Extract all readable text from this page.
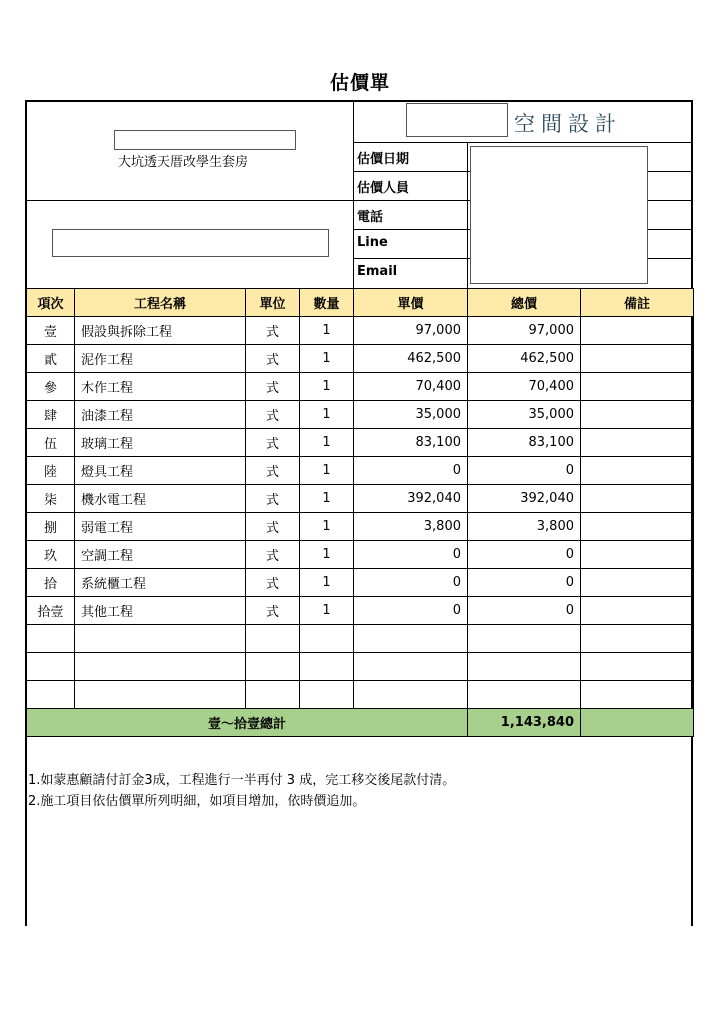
估價單
大坑透天厝改學生套房
空間設計
估價日期
估價人員
電話
Line
Email
項次	工程名稱	單位	數量	單價	總價	備註
壹	假設與拆除工程	式	1	97,000	97,000	
貳	泥作工程	式	1	462,500	462,500	
參	木作工程	式	1	70,400	70,400	
肆	油漆工程	式	1	35,000	35,000	
伍	玻璃工程	式	1	83,100	83,100	
陸	燈具工程	式	1	0	0	
柒	機水電工程	式	1	392,040	392,040	
捌	弱電工程	式	1	3,800	3,800	
玖	空調工程	式	1	0	0	
拾	系統櫃工程	式	1	0	0	
拾壹	其他工程	式	1	0	0	

壹～拾壹總計					1,143,840	
1.如蒙惠顧請付訂金3成，工程進行一半再付 3 成，完工移交後尾款付清。
2.施工項目依估價單所列明細，如項目增加，依時價追加。
